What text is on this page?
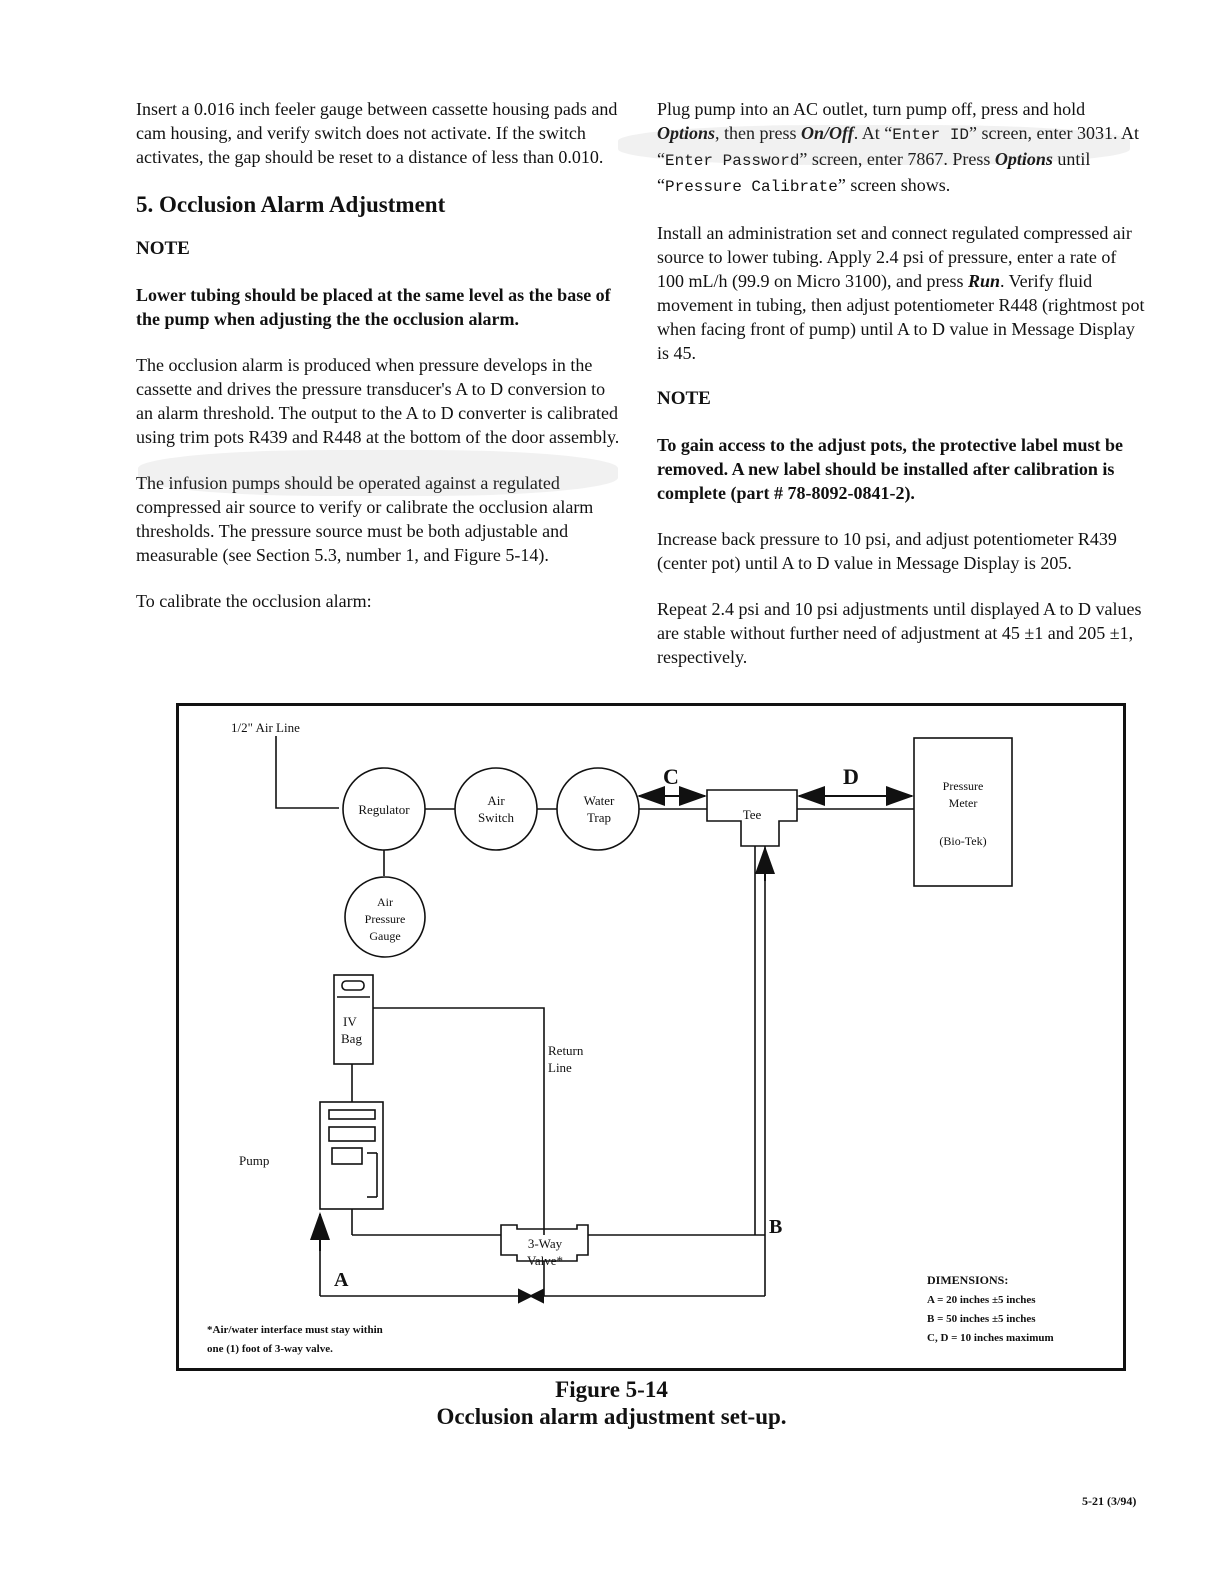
Insert a 0.016 inch feeler gauge between cassette housing pads and cam housing, and verify switch does not activate. If the switch activates, the gap should be reset to a distance of less than 0.010.

5. Occlusion Alarm Adjustment

NOTE

Lower tubing should be placed at the same level as the base of the pump when adjusting the the occlusion alarm.

The occlusion alarm is produced when pressure develops in the cassette and drives the pressure transducer's A to D conversion to an alarm threshold. The output to the A to D converter is calibrated using trim pots R439 and R448 at the bottom of the door assembly.

The infusion pumps should be operated against a regulated compressed air source to verify or calibrate the occlusion alarm thresholds. The pressure source must be both adjustable and measurable (see Section 5.3, number 1, and Figure 5-14).

To calibrate the occlusion alarm:

Plug pump into an AC outlet, turn pump off, press and hold Options, then press On/Off. At “Enter ID” screen, enter 3031. At “Enter Password” screen, enter 7867. Press Options until “Pressure Calibrate” screen shows.

Install an administration set and connect regulated compressed air source to lower tubing. Apply 2.4 psi of pressure, enter a rate of 100 mL/h (99.9 on Micro 3100), and press Run. Verify fluid movement in tubing, then adjust potentiometer R448 (rightmost pot when facing front of pump) until A to D value in Message Display is 45.

NOTE

To gain access to the adjust pots, the protective label must be removed. A new label should be installed after calibration is complete (part # 78-8092-0841-2).

Increase back pressure to 10 psi, and adjust potentiometer R439 (center pot) until A to D value in Message Display is 205.

Repeat 2.4 psi and 10 psi adjustments until displayed A to D values are stable without further need of adjustment at 45 ±1 and 205 ±1, respectively.

1/2" Air Line
Regulator
Air
Switch
Water
Trap	Tee
Pressure
Meter
(Bio-Tek)
Air
Pressure
Gauge
IV
Bag
Return
Line
Pump
3-Way
Valve*
A
B
C	D
*Air/water interface must stay within
one (1) foot of 3-way valve.
DIMENSIONS:
A = 20 inches ±5 inches
B = 50 inches ±5 inches
C, D = 10 inches maximum
Figure 5-14
Occlusion alarm adjustment set-up.
5-21 (3/94)
